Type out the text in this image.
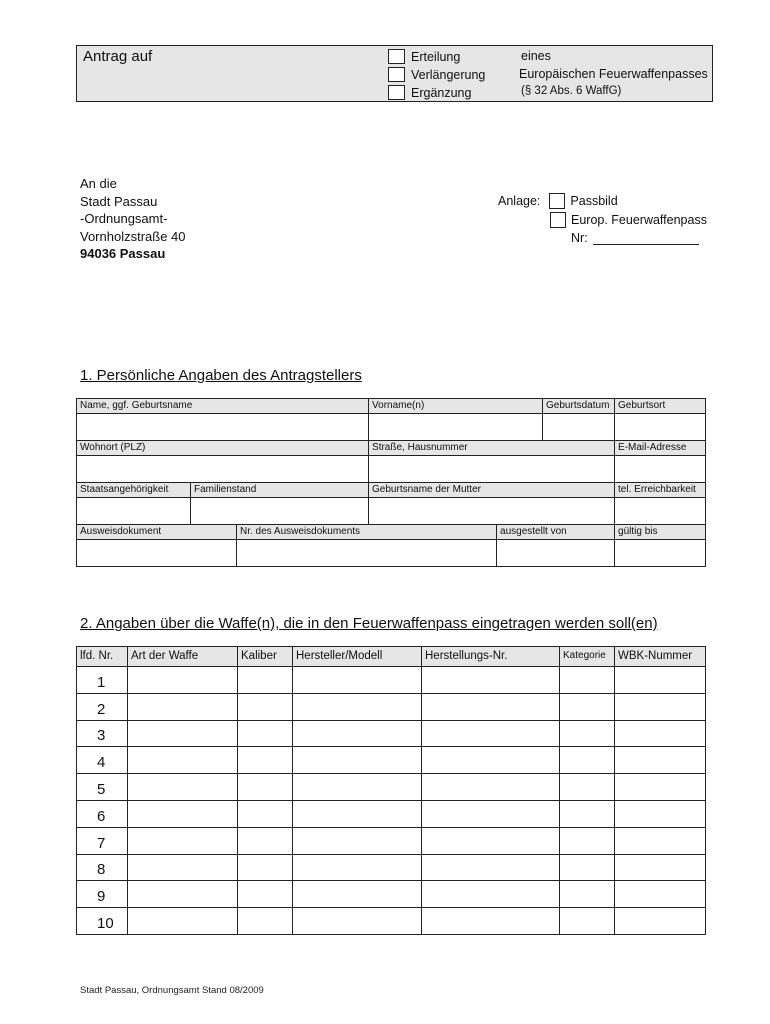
Antrag auf	Erteilung
Verlängerung
Ergänzung
eines
Europäischen Feuerwaffenpasses
(§ 32 Abs. 6 WaffG)
An die
Stadt Passau
-Ordnungsamt-
Vornholzstraße 40
94036 Passau
Anlage: Passbild
Europ. Feuerwaffenpass
Nr:
1. Persönliche Angaben des Antragstellers
Name, ggf. Geburtsname			Vorname(n)		Geburtsdatum	Geburtsort

Wohnort (PLZ)			Straße, Hausnummer			E-Mail-Adresse

Staatsangehörigkeit	Familienstand		Geburtsname der Mutter			tel. Erreichbarkeit

Ausweisdokument		Nr. des Ausweisdokuments		ausgestellt von		gültig bis

2. Angaben über die Waffe(n), die in den Feuerwaffenpass eingetragen werden soll(en)
lfd. Nr.	Art der Waffe	Kaliber	Hersteller/Modell	Herstellungs-Nr.	Kategorie	WBK-Nummer
1						
2						
3						
4						
5						
6						
7						
8						
9						
10						
Stadt Passau, Ordnungsamt Stand 08/2009
